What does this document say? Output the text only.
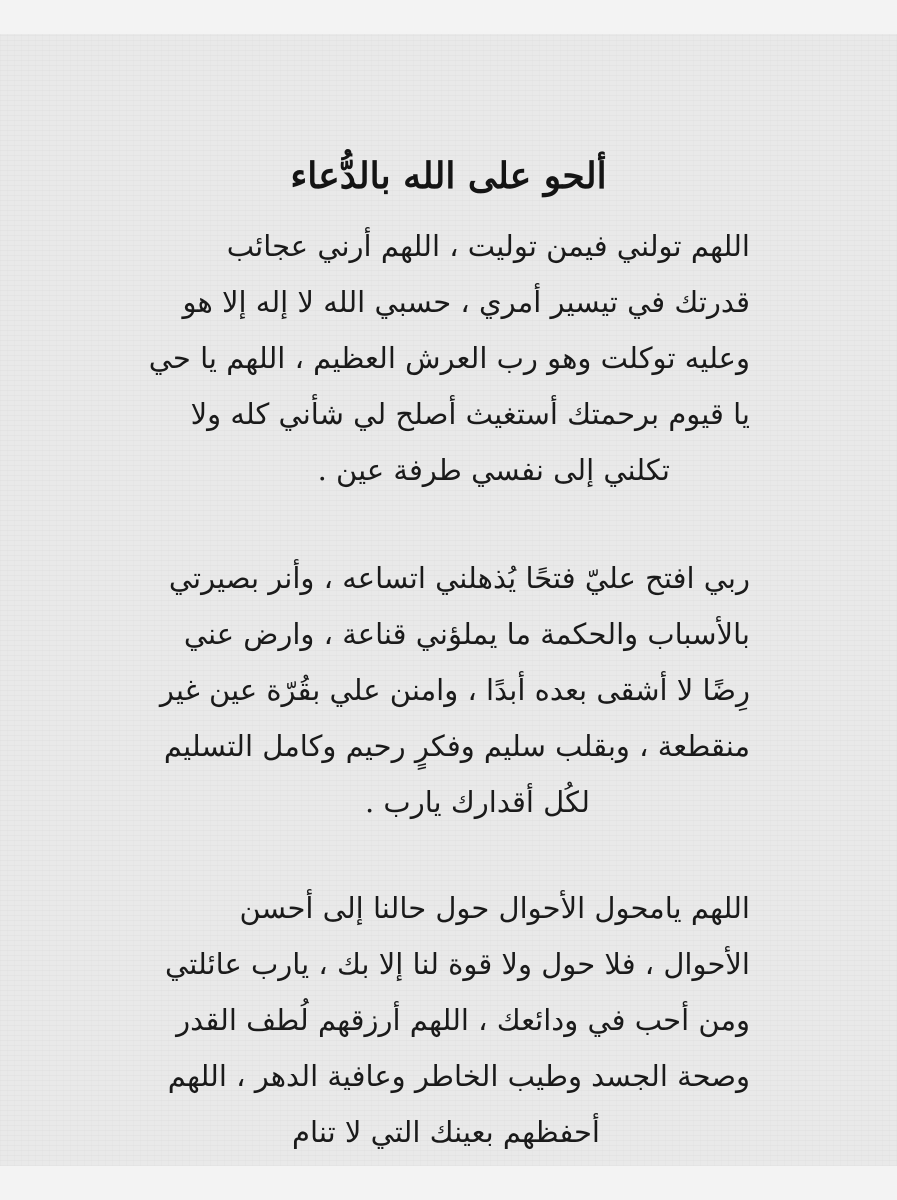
ألحو على الله بالدُّعاء
اللهم تولني فيمن توليت ، اللهم أرني عجائب
قدرتك في تيسير أمري ، حسبي الله لا إله إلا هو
وعليه توكلت وهو رب العرش العظيم ، اللهم يا حي
يا قيوم برحمتك أستغيث أصلح لي شأني كله ولا
تكلني إلى نفسي طرفة عين .
ربي افتح عليّ فتحًا يُذهلني اتساعه ، وأنر بصيرتي
بالأسباب والحكمة ما يملؤني قناعة ، وارض عني
رِضًا لا أشقى بعده أبدًا ، وامنن علي بقُرّة عين غير
منقطعة ، وبقلب سليم وفكرٍ رحيم وكامل التسليم
لكُل أقدارك يارب .
اللهم يامحول الأحوال حول حالنا إلى أحسن
الأحوال ، فلا حول ولا قوة لنا إلا بك ، يارب عائلتي
ومن أحب في ودائعك ، اللهم أرزقهم لُطف القدر
وصحة الجسد وطيب الخاطر وعافية الدهر ، اللهم
أحفظهم بعينك التي لا تنام
